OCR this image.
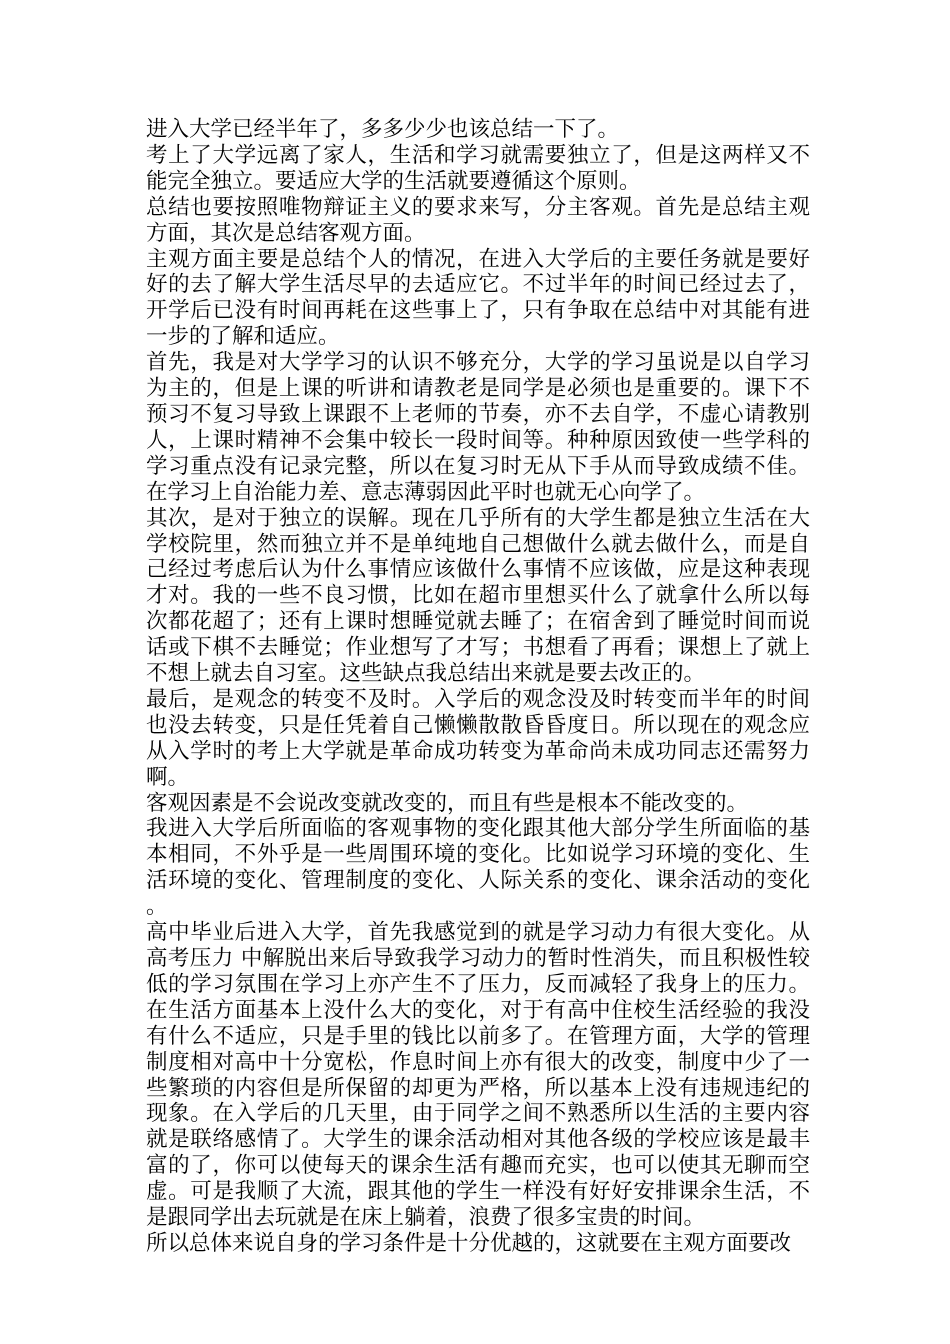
进入大学已经半年了，多多少少也该总结一下了。

考上了大学远离了家人，生活和学习就需要独立了，但是这两样又不能完全独立。要适应大学的生活就要遵循这个原则。

总结也要按照唯物辩证主义的要求来写，分主客观。首先是总结主观方面，其次是总结客观方面。

主观方面主要是总结个人的情况，在进入大学后的主要任务就是要好好的去了解大学生活尽早的去适应它。不过半年的时间已经过去了，开学后已没有时间再耗在这些事上了，只有争取在总结中对其能有进一步的了解和适应。

首先，我是对大学学习的认识不够充分，大学的学习虽说是以自学习为主的，但是上课的听讲和请教老是同学是必须也是重要的。课下不预习不复习导致上课跟不上老师的节奏，亦不去自学，不虚心请教别人，上课时精神不会集中较长一段时间等。种种原因致使一些学科的学习重点没有记录完整，所以在复习时无从下手从而导致成绩不佳。在学习上自治能力差、意志薄弱因此平时也就无心向学了。

其次，是对于独立的误解。现在几乎所有的大学生都是独立生活在大学校院里，然而独立并不是单纯地自己想做什么就去做什么，而是自己经过考虑后认为什么事情应该做什么事情不应该做，应是这种表现才对。我的一些不良习惯，比如在超市里想买什么了就拿什么所以每次都花超了；还有上课时想睡觉就去睡了；在宿舍到了睡觉时间而说话或下棋不去睡觉；作业想写了才写；书想看了再看；课想上了就上不想上就去自习室。这些缺点我总结出来就是要去改正的。

最后，是观念的转变不及时。入学后的观念没及时转变而半年的时间也没去转变，只是任凭着自己懒懒散散昏昏度日。所以现在的观念应从入学时的考上大学就是革命成功转变为革命尚未成功同志还需努力啊。

客观因素是不会说改变就改变的，而且有些是根本不能改变的。

我进入大学后所面临的客观事物的变化跟其他大部分学生所面临的基本相同，不外乎是一些周围环境的变化。比如说学习环境的变化、生活环境的变化、管理制度的变化、人际关系的变化、课余活动的变化。

高中毕业后进入大学，首先我感觉到的就是学习动力有很大变化。从高考压力 中解脱出来后导致我学习动力的暂时性消失，而且积极性较低的学习氛围在学习上亦产生不了压力，反而减轻了我身上的压力。在生活方面基本上没什么大的变化，对于有高中住校生活经验的我没有什么不适应，只是手里的钱比以前多了。在管理方面，大学的管理制度相对高中十分宽松，作息时间上亦有很大的改变，制度中少了一些繁琐的内容但是所保留的却更为严格，所以基本上没有违规违纪的现象。在入学后的几天里，由于同学之间不熟悉所以生活的主要内容就是联络感情了。大学生的课余活动相对其他各级的学校应该是最丰富的了，你可以使每天的课余生活有趣而充实，也可以使其无聊而空虚。可是我顺了大流，跟其他的学生一样没有好好安排课余生活，不是跟同学出去玩就是在床上躺着，浪费了很多宝贵的时间。

所以总体来说自身的学习条件是十分优越的，这就要在主观方面要改
